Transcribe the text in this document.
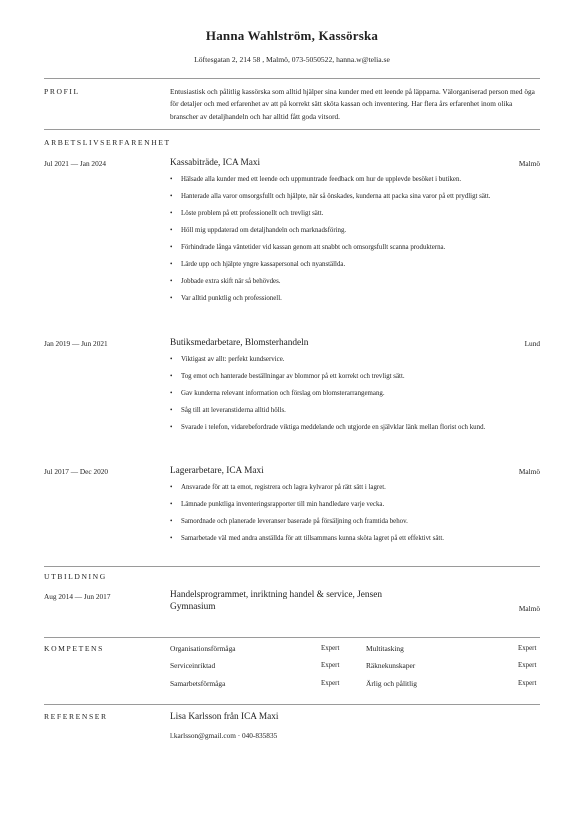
Hanna Wahlström, Kassörska
Löftesgatan 2, 214 58 , Malmö, 073-5050522, hanna.w@telia.se
PROFIL	Entusiastisk och pålitlig kassörska som alltid hjälper sina kunder med ett leende på läpparna. Välorganiserad person med öga för detaljer och med erfarenhet av att på korrekt sätt sköta kassan och inventering. Har flera års erfarenhet inom olika branscher av detaljhandeln och har alltid fått goda vitsord.
ARBETSLIVSERFARENHET
Jul 2021 — Jan 2024	Kassabiträde, ICA Maxi	Malmö
• Hälsade alla kunder med ett leende och uppmuntrade feedback om hur de upplevde besöket i butiken.
• Hanterade alla varor omsorgsfullt och hjälpte, när så önskades, kunderna att packa sina varor på ett prydligt sätt.
• Löste problem på ett professionellt och trevligt sätt.
• Höll mig uppdaterad om detaljhandeln och marknadsföring.
• Förhindrade långa väntetider vid kassan genom att snabbt och omsorgsfullt scanna produkterna.
• Lärde upp och hjälpte yngre kassapersonal och nyanställda.
• Jobbade extra skift när så behövdes.
• Var alltid punktlig och professionell.
Jan 2019 — Jun 2021	Butiksmedarbetare, Blomsterhandeln	Lund
• Viktigast av allt: perfekt kundservice.
• Tog emot och hanterade beställningar av blommor på ett korrekt och trevligt sätt.
• Gav kunderna relevant information och förslag om blomsterarrangemang.
• Såg till att leveranstiderna alltid hölls.
• Svarade i telefon, vidarebefordrade viktiga meddelande och utgjorde en självklar länk mellan florist och kund.
Jul 2017 — Dec 2020	Lagerarbetare, ICA Maxi	Malmö
• Ansvarade för att ta emot, registrera och lagra kylvaror på rätt sätt i lagret.
• Lämnade punktliga inventeringsrapporter till min handledare varje vecka.
• Samordnade och planerade leveranser baserade på försäljning och framtida behov.
• Samarbetade väl med andra anställda för att tillsammans kunna sköta lagret på ett effektivt sätt.
UTBILDNING
Aug 2014 — Jun 2017	Handelsprogrammet, inriktning handel & service, Jensen Gymnasium	Malmö
KOMPETENS	Organisationsförmåga	Expert	Multitasking	Expert
Serviceinriktad	Expert	Räknekunskaper	Expert
Samarbetsförmåga	Expert	Ärlig och pålitlig	Expert
REFERENSER	Lisa Karlsson från ICA Maxi
l.karlsson@gmail.com · 040-835835
